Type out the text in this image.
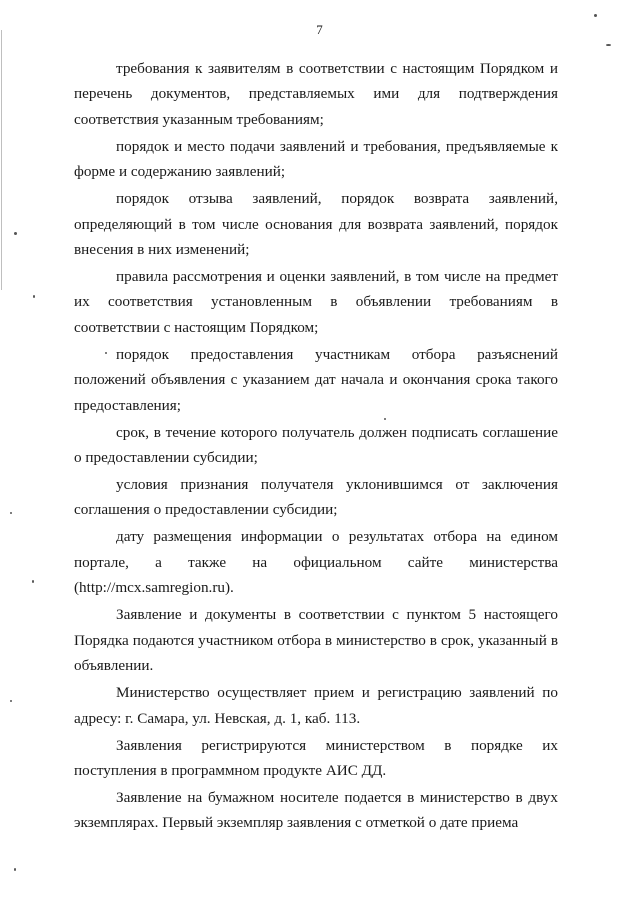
7

требования к заявителям в соответствии с настоящим Порядком и перечень документов, представляемых ими для подтверждения соответствия указанным требованиям;

порядок и место подачи заявлений и требования, предъявляемые к форме и содержанию заявлений;

порядок отзыва заявлений, порядок возврата заявлений, определяющий в том числе основания для возврата заявлений, порядок внесения в них изменений;

правила рассмотрения и оценки заявлений, в том числе на предмет их соответствия установленным в объявлении требованиям в соответствии с настоящим Порядком;

порядок предоставления участникам отбора разъяснений положений объявления с указанием дат начала и окончания срока такого предоставления;

срок, в течение которого получатель должен подписать соглашение о предоставлении субсидии;

условия признания получателя уклонившимся от заключения соглашения о предоставлении субсидии;

дату размещения информации о результатах отбора на едином портале, а также на официальном сайте министерства (http://mcx.samregion.ru).

Заявление и документы в соответствии с пунктом 5 настоящего Порядка подаются участником отбора в министерство в срок, указанный в объявлении.

Министерство осуществляет прием и регистрацию заявлений по адресу: г. Самара, ул. Невская, д. 1, каб. 113.

Заявления регистрируются министерством в порядке их поступления в программном продукте АИС ДД.

Заявление на бумажном носителе подается в министерство в двух экземплярах. Первый экземпляр заявления с отметкой о дате приема
